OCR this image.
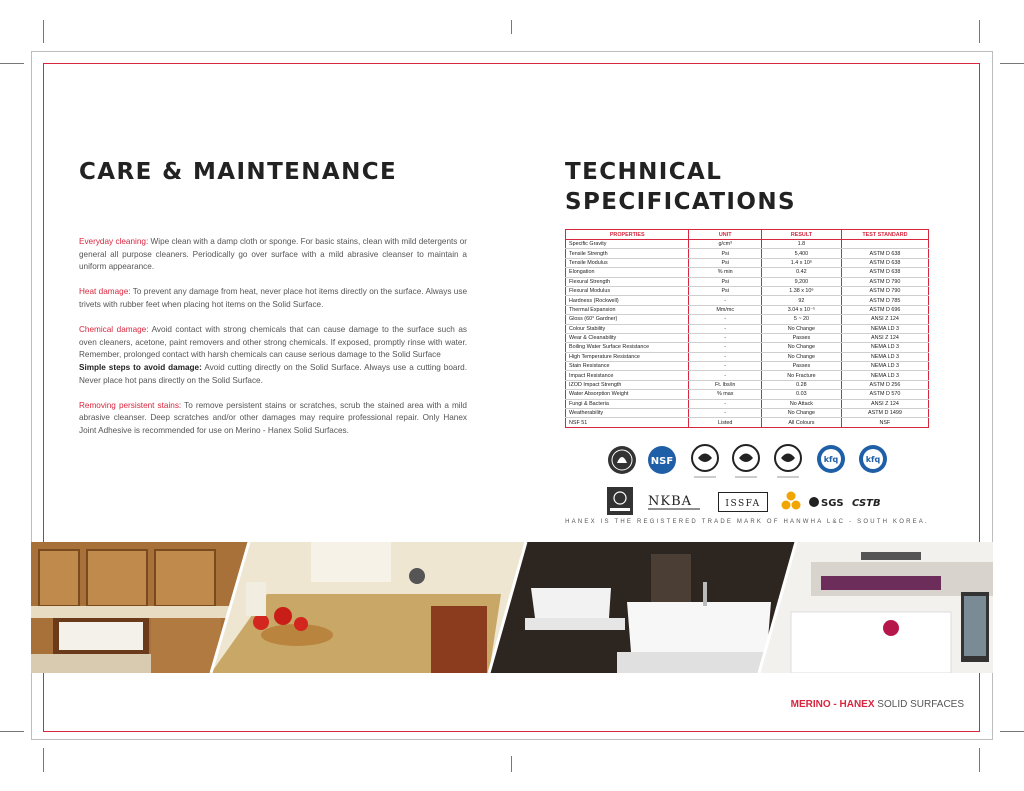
CARE & MAINTENANCE

Everyday cleaning: Wipe clean with a damp cloth or sponge. For basic stains, clean with mild detergents or general all purpose cleaners. Periodically go over surface with a mild abrasive cleanser to maintain a uniform appearance.

Heat damage: To prevent any damage from heat, never place hot items directly on the surface. Always use trivets with rubber feet when placing hot items on the Solid Surface.

Chemical damage: Avoid contact with strong chemicals that can cause damage to the surface such as oven cleaners, acetone, paint removers and other strong chemicals. If exposed, promptly rinse with water. Remember, prolonged contact with harsh chemicals can cause serious damage to the Solid Surface

Simple steps to avoid damage: Avoid cutting directly on the Solid Surface. Always use a cutting board. Never place hot pans directly on the Solid Surface.

Removing persistent stains: To remove persistent stains or scratches, scrub the stained area with a mild abrasive cleanser. Deep scratches and/or other damages may require professional repair. Only Hanex Joint Adhesive is recommended for use on Merino - Hanex Solid Surfaces.

TECHNICAL
SPECIFICATIONS
PROPERTIES	UNIT	RESULT	TEST STANDARD
Specific Gravity	g/cm³	1.8	
Tensile Strength	Psi	5,400	ASTM D 638
Tensile Modulus	Psi	1.4 x 10⁶	ASTM D 638
Elongation	% min	0.42	ASTM D 638
Flexural Strength	Psi	9,200	ASTM D 790
Flexural Modulus	Psi	1.38 x 10⁶	ASTM D 790
Hardness (Rockwell)	-	92	ASTM D 785
Thermal Expansion	Mm/mc	3.04 x 10⁻⁵	ASTM D 696
Gloss (60° Gardner)	-	5 ~ 20	ANSI Z 124
Colour Stability	-	No Change	NEMA LD 3
Wear & Cleanability	-	Passes	ANSI Z 124
Boiling Water Surface Resistance	-	No Change	NEMA LD 3
High Temperature Resistance	-	No Change	NEMA LD 3
Stain Resistance	-	Passes	NEMA LD 3
Impact Resistance	-	No Fracture	NEMA LD 3
IZOD Impact Strength	Ft. lbs/in	0.28	ASTM D 256
Water Absorption Weight	% max	0.03	ASTM D 570
Fungi & Bacteria	-	No Attack	ANSI Z 124
Weatherability	-	No Change	ASTM D 1499
NSF 51	Listed	All Colours	NSF
NSF	kfq	kfq
NKBA	ISSFA	SGS CSTB

HANEX IS THE REGISTERED TRADE MARK OF HANWHA L&C - SOUTH KOREA.

MERINO - HANEX SOLID SURFACES
